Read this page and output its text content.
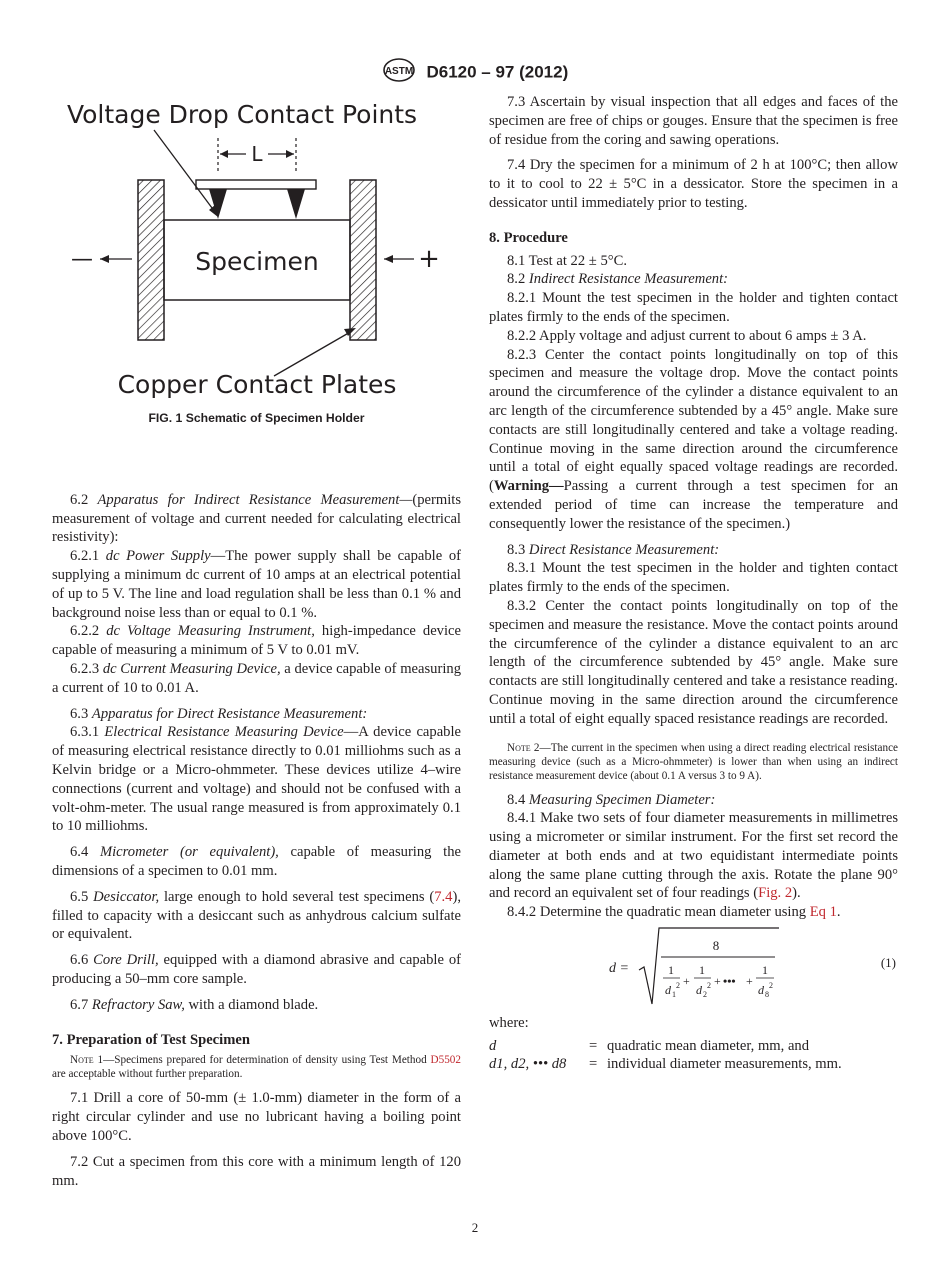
ASTM D6120 – 97 (2012)
Voltage Drop Contact Points
L
Specimen
—	+
Copper Contact Plates
FIG. 1 Schematic of Specimen Holder

6.2 Apparatus for Indirect Resistance Measurement—(permits measurement of voltage and current needed for calculating electrical resistivity):

6.2.1 dc Power Supply—The power supply shall be capable of supplying a minimum dc current of 10 amps at an electrical potential of up to 5 V. The line and load regulation shall be less than 0.1 % and background noise less than or equal to 0.1 %.

6.2.2 dc Voltage Measuring Instrument, high-impedance device capable of measuring a minimum of 5 V to 0.01 mV.

6.2.3 dc Current Measuring Device, a device capable of measuring a current of 10 to 0.01 A.

6.3 Apparatus for Direct Resistance Measurement:

6.3.1 Electrical Resistance Measuring Device—A device capable of measuring electrical resistance directly to 0.01 milliohms such as a Kelvin bridge or a Micro-ohmmeter. These devices utilize 4–wire connections (current and voltage) and should not be confused with a volt-ohm-meter. The usual range measured is from approximately 0.1 to 10 milliohms.

6.4 Micrometer (or equivalent), capable of measuring the dimensions of a specimen to 0.01 mm.

6.5 Desiccator, large enough to hold several test specimens (7.4), filled to capacity with a desiccant such as anhydrous calcium sulfate or equivalent.

6.6 Core Drill, equipped with a diamond abrasive and capable of producing a 50–mm core sample.

6.7 Refractory Saw, with a diamond blade.

7. Preparation of Test Specimen
Note 1—Specimens prepared for determination of density using Test Method D5502 are acceptable without further preparation.

7.1 Drill a core of 50-mm (± 1.0-mm) diameter in the form of a right circular cylinder and use no lubricant having a boiling point above 100°C.

7.2 Cut a specimen from this core with a minimum length of 120 mm.

7.3 Ascertain by visual inspection that all edges and faces of the specimen are free of chips or gouges. Ensure that the specimen is free of residue from the coring and sawing operations.

7.4 Dry the specimen for a minimum of 2 h at 100°C; then allow to it to cool to 22 ± 5°C in a dessicator. Store the specimen in a dessicator until immediately prior to testing.

8. Procedure

8.1 Test at 22 ± 5°C.

8.2 Indirect Resistance Measurement:

8.2.1 Mount the test specimen in the holder and tighten contact plates firmly to the ends of the specimen.

8.2.2 Apply voltage and adjust current to about 6 amps ± 3 A.

8.2.3 Center the contact points longitudinally on top of this specimen and measure the voltage drop. Move the contact points around the circumference of the cylinder a distance equivalent to an arc length of the circumference subtended by a 45° angle. Make sure contacts are still longitudinally centered and take a voltage reading. Continue moving in the same direction around the circumference until a total of eight equally spaced voltage readings are recorded. (Warning—Passing a current through a test specimen for an extended period of time can increase the temperature and consequently lower the resistance of the specimen.)

8.3 Direct Resistance Measurement:

8.3.1 Mount the test specimen in the holder and tighten contact plates firmly to the ends of the specimen.

8.3.2 Center the contact points longitudinally on top of the specimen and measure the resistance. Move the contact points around the circumference of the cylinder a distance equivalent to an arc length of the circumference subtended by 45° angle. Make sure contacts are still longitudinally centered and take a resistance reading. Continue moving in the same direction around the circumference until a total of eight equally spaced resistance readings are recorded.

Note 2—The current in the specimen when using a direct reading electrical resistance measuring device (such as a Micro-ohmmeter) is lower than when using an indirect resistance measurement device (about 0.1 A versus 3 to 9 A).

8.4 Measuring Specimen Diameter:

8.4.1 Make two sets of four diameter measurements in millimetres using a micrometer or similar instrument. For the first set record the diameter at both ends and at two equidistant intermediate points along the same plane cutting through the axis. Rotate the plane 90° and record an equivalent set of four readings (Fig. 2).

8.4.2 Determine the quadratic mean diameter using Eq 1.

d =
8
1
d 1
2 +
1
d 2
2 + ••• +
1
d 8
2
(1)

where:

d	= quadratic mean diameter, mm, and
d1, d2, ••• d8	= individual diameter measurements, mm.
2
